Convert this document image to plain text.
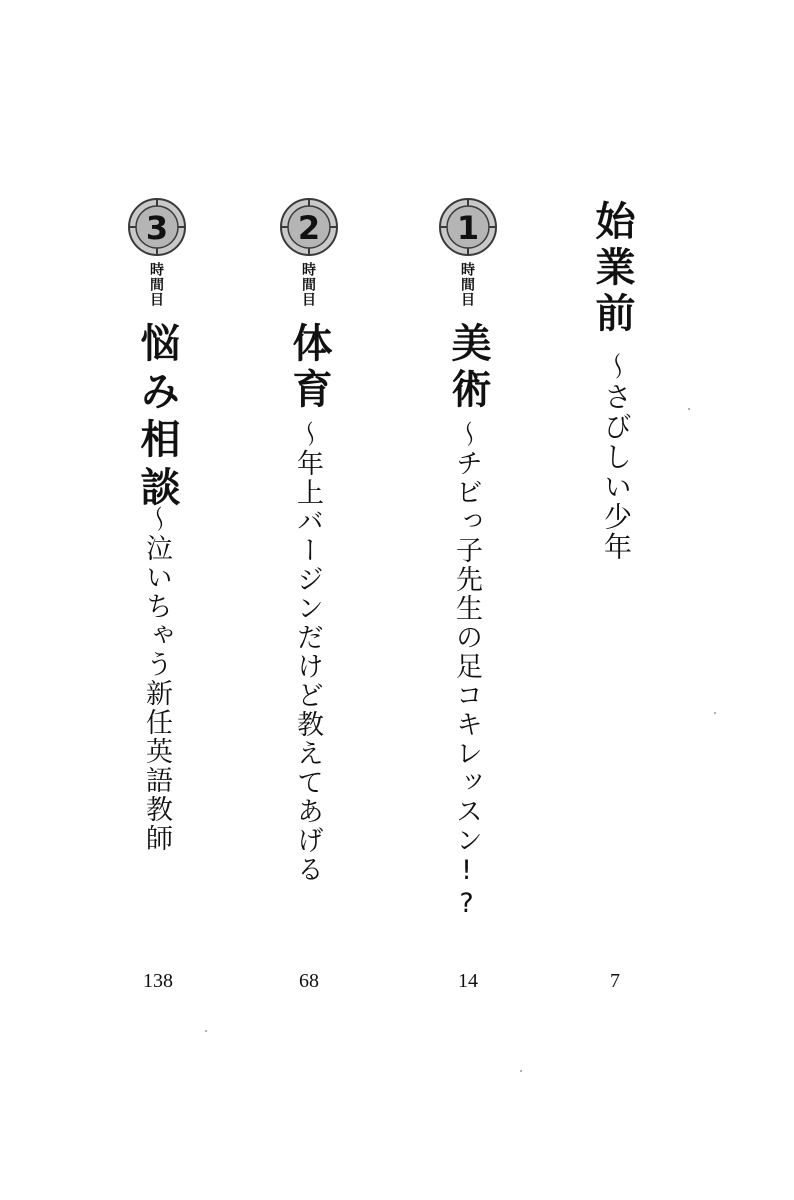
始業前
～さびしい少年
7
1
時間目
美術
～チビっ子先生の足コキレッスン!?
14
2
時間目
体育
～年上バージンだけど教えてあげる
68
3
時間目
悩み相談
～泣いちゃう新任英語教師
138
